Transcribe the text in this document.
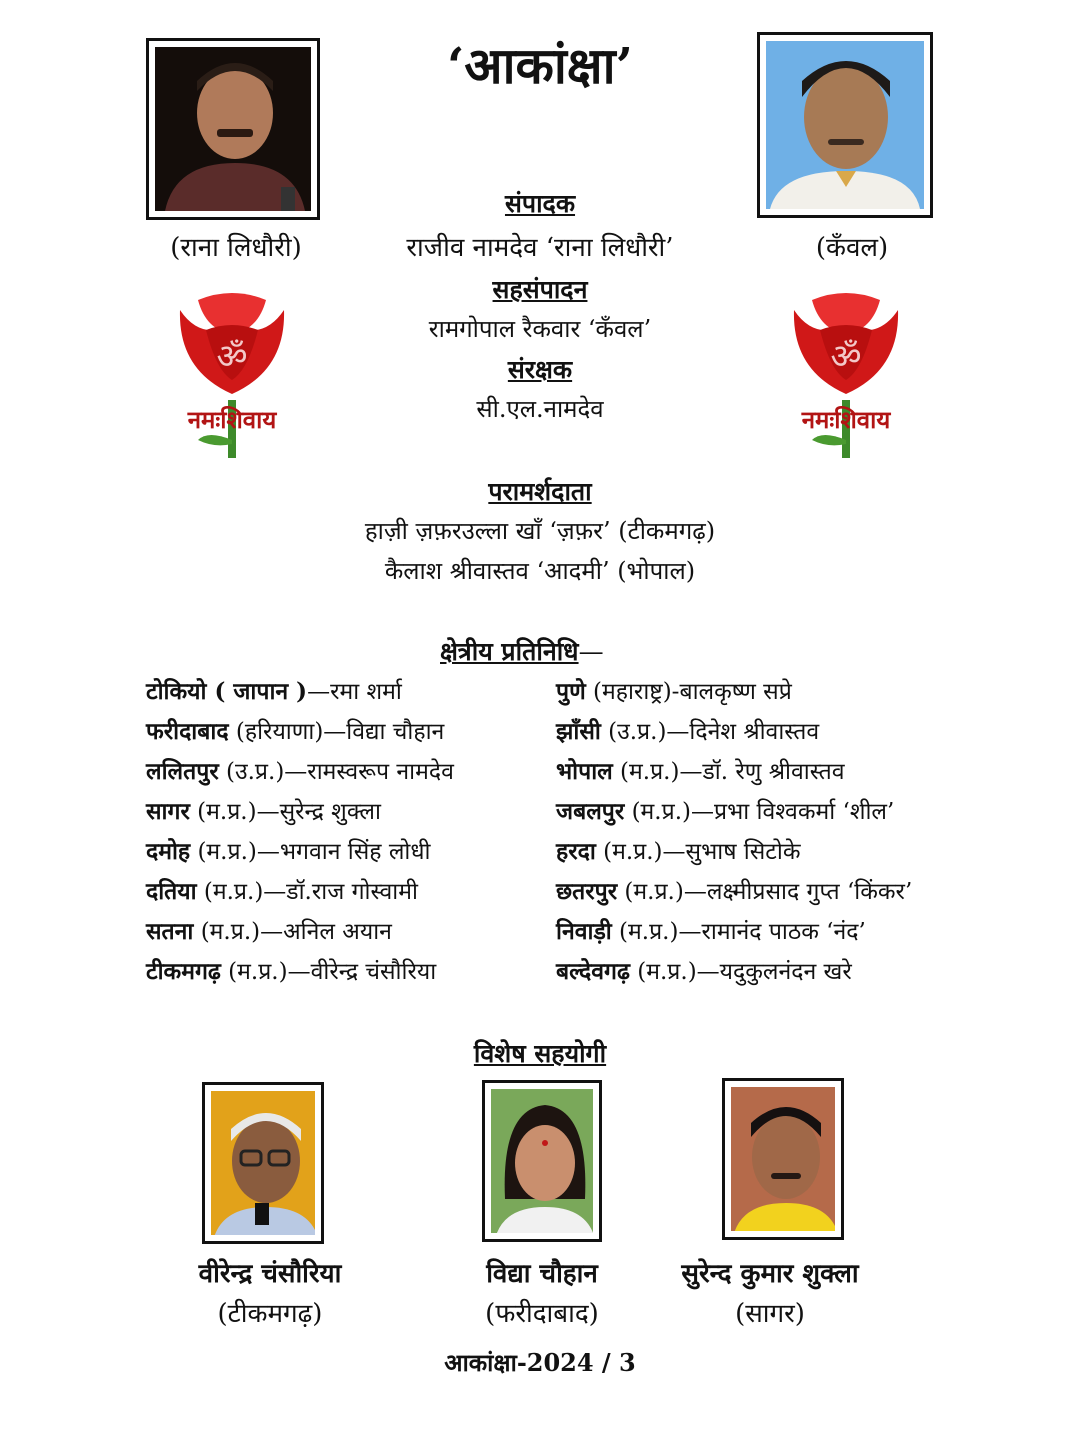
‘आकांक्षा’
(राना लिधौरी)	(कँवल)
संपादक
राजीव नामदेव ‘राना लिधौरी’
सहसंपादन
रामगोपाल रैकवार ‘कँवल’
संरक्षक
सी.एल.नामदेव
ॐ
नमःशिवाय
ॐ
नमःशिवाय
परामर्शदाता
हाज़ी ज़फ़रउल्ला खाँ ‘ज़फ़र’ (टीकमगढ़)
कैलाश श्रीवास्तव ‘आदमी’ (भोपाल)
क्षेत्रीय प्रतिनिधि—
टोकियो ( जापान )—रमा शर्मा
फरीदाबाद (हरियाणा)—विद्या चौहान
ललितपुर (उ.प्र.)—रामस्वरूप नामदेव
सागर (म.प्र.)—सुरेन्द्र शुक्ला
दमोह (म.प्र.)—भगवान सिंह लोधी
दतिया (म.प्र.)—डॉ.राज गोस्वामी
सतना (म.प्र.)—अनिल अयान
टीकमगढ़ (म.प्र.)—वीरेन्द्र चंसौरिया
पुणे (महाराष्ट्र)-बालकृष्ण सप्रे
झाँसी (उ.प्र.)—दिनेश श्रीवास्तव
भोपाल (म.प्र.)—डॉ. रेणु श्रीवास्तव
जबलपुर (म.प्र.)—प्रभा विश्वकर्मा ‘शील’
हरदा (म.प्र.)—सुभाष सिटोके
छतरपुर (म.प्र.)—लक्ष्मीप्रसाद गुप्त ‘किंकर’
निवाड़ी (म.प्र.)—रामानंद पाठक ‘नंद’
बल्देवगढ़ (म.प्र.)—यदुकुलनंदन खरे
विशेष सहयोगी
वीरेन्द्र चंसौरिया
(टीकमगढ़)
विद्या चौहान
(फरीदाबाद)
सुरेन्द कुमार शुक्ला
(सागर)
आकांक्षा-2024 / 3
